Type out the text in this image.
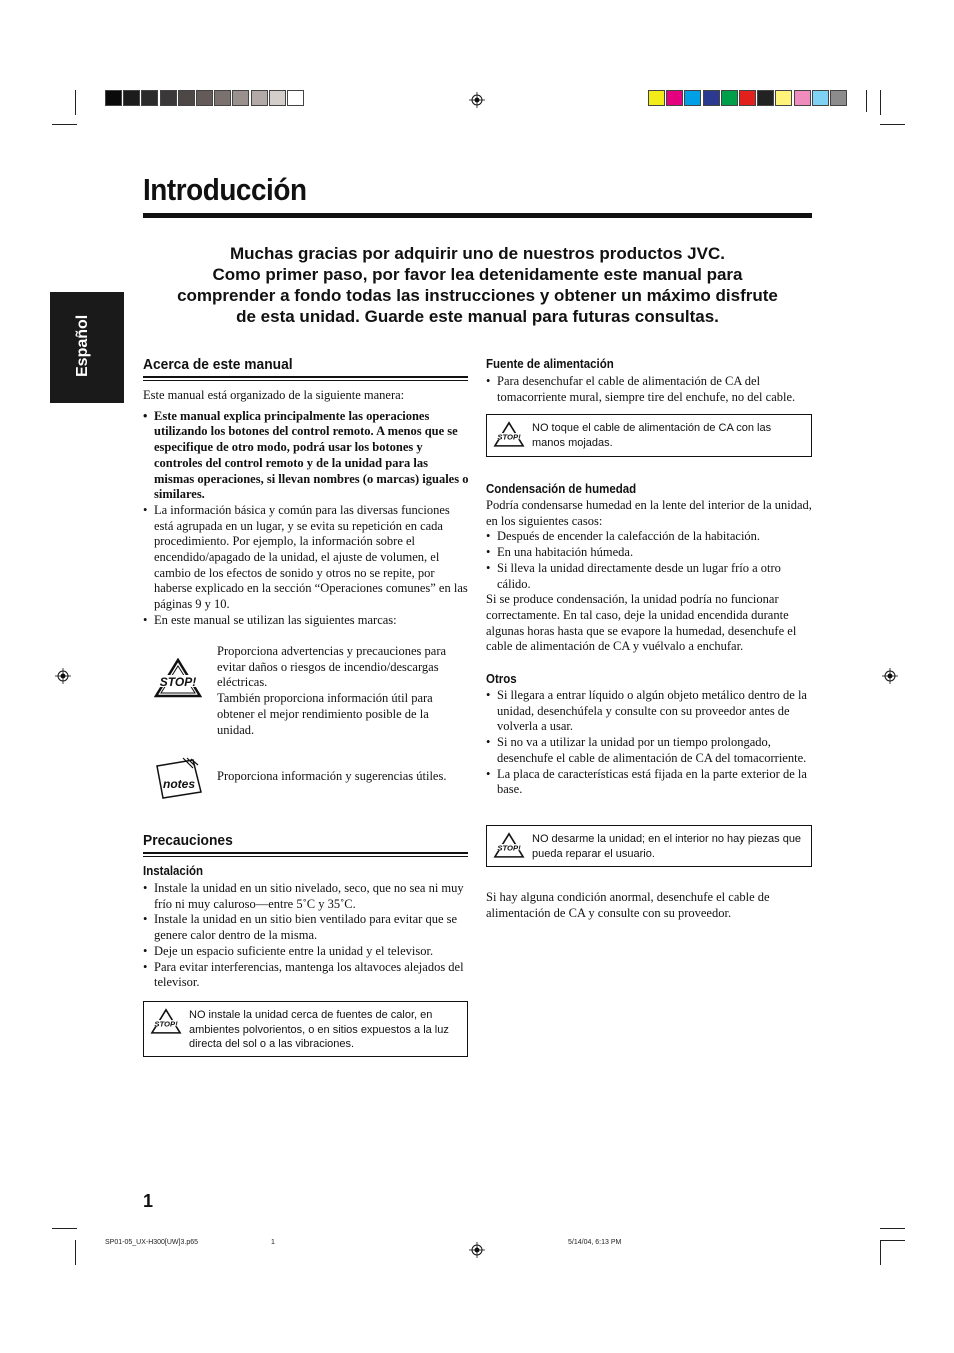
Introducción
Español
Muchas gracias por adquirir uno de nuestros productos JVC.
Como primer paso, por favor lea detenidamente este manual para
comprender a fondo todas las instrucciones y obtener un máximo disfrute
de esta unidad. Guarde este manual para futuras consultas.
Acerca de este manual

Este manual está organizado de la siguiente manera:

• Este manual explica principalmente las operaciones utilizando los botones del control remoto. A menos que se especifique de otro modo, podrá usar los botones y controles del control remoto y de la unidad para las mismas operaciones, si llevan nombres (o marcas) iguales o similares.
• La información básica y común para las diversas funciones está agrupada en un lugar, y se evita su repetición en cada procedimiento. Por ejemplo, la información sobre el encendido/apagado de la unidad, el ajuste de volumen, el cambio de los efectos de sonido y otros no se repite, por haberse explicado en la sección “Operaciones comunes” en las páginas 9 y 10.
• En este manual se utilizan las siguientes marcas:
STOP!

Proporciona advertencias y precauciones para evitar daños o riesgos de incendio/descargas eléctricas.

También proporciona información útil para obtener el mejor rendimiento posible de la unidad.

notes
Proporciona información y sugerencias útiles.
Precauciones
Instalación
• Instale la unidad en un sitio nivelado, seco, que no sea ni muy frío ni muy caluroso—entre 5˚C y 35˚C.
• Instale la unidad en un sitio bien ventilado para evitar que se genere calor dentro de la misma.
• Deje un espacio suficiente entre la unidad y el televisor.
• Para evitar interferencias, mantenga los altavoces alejados del televisor.
STOP!
NO instale la unidad cerca de fuentes de calor, en ambientes polvorientos, o en sitios expuestos a la luz directa del sol o a las vibraciones.
Fuente de alimentación
• Para desenchufar el cable de alimentación de CA del tomacorriente mural, siempre tire del enchufe, no del cable.
STOP!
NO toque el cable de alimentación de CA con las manos mojadas.
Condensación de humedad

Podría condensarse humedad en la lente del interior de la unidad, en los siguientes casos:

• Después de encender la calefacción de la habitación.
• En una habitación húmeda.
• Si lleva la unidad directamente desde un lugar frío a otro cálido.

Si se produce condensación, la unidad podría no funcionar correctamente. En tal caso, deje la unidad encendida durante algunas horas hasta que se evapore la humedad, desenchufe el cable de alimentación de CA y vuélvalo a enchufar.

Otros
• Si llegara a entrar líquido o algún objeto metálico dentro de la unidad, desenchúfela y consulte con su proveedor antes de volverla a usar.
• Si no va a utilizar la unidad por un tiempo prolongado, desenchufe el cable de alimentación de CA del tomacorriente.
• La placa de características está fijada en la parte exterior de la base.
STOP!
NO desarme la unidad; en el interior no hay piezas que pueda reparar el usuario.
Si hay alguna condición anormal, desenchufe el cable de alimentación de CA y consulte con su proveedor.
1
SP01-05_UX-H300[UW]3.p65	1	5/14/04, 6:13 PM
